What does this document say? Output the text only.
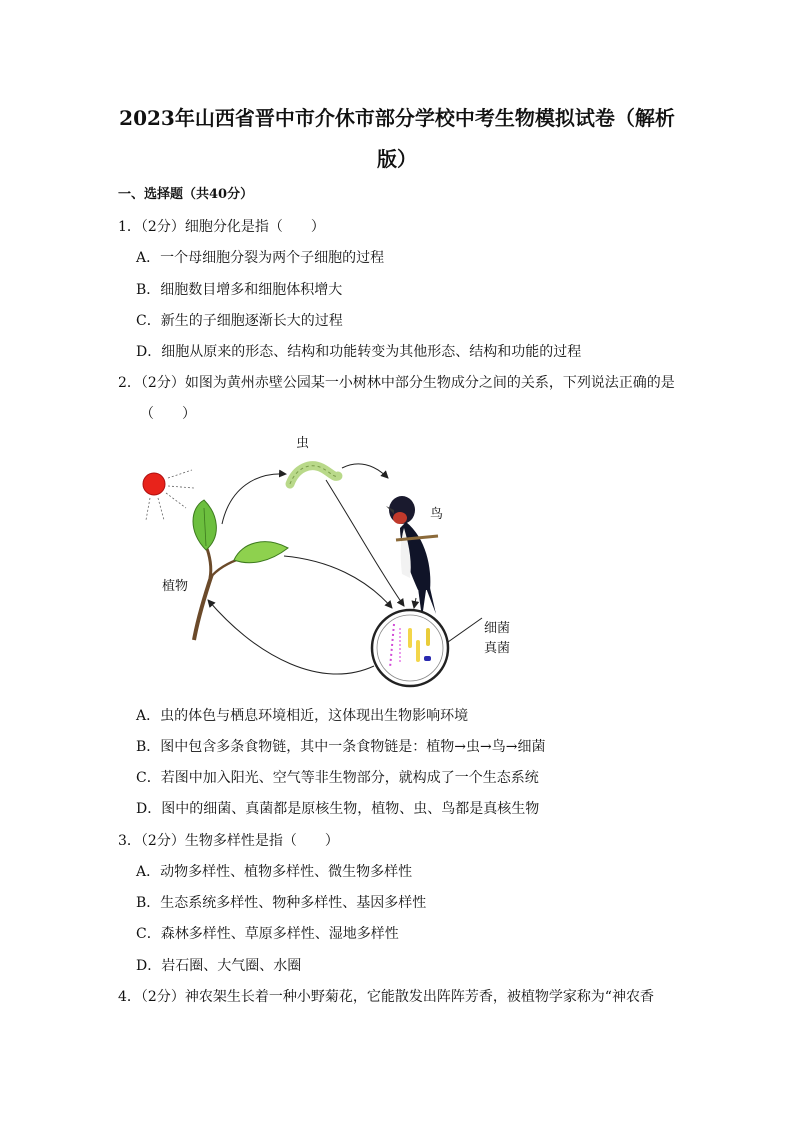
2023年山西省晋中市介休市部分学校中考生物模拟试卷（解析
版）
一、选择题（共40分）
1．（2分）细胞分化是指（　　）
A．一个母细胞分裂为两个子细胞的过程
B．细胞数目增多和细胞体积增大
C．新生的子细胞逐渐长大的过程
D．细胞从原来的形态、结构和功能转变为其他形态、结构和功能的过程
2．（2分）如图为黄州赤壁公园某一小树林中部分生物成分之间的关系，下列说法正确的是
（　　）
虫
鸟
植物
细菌
真菌
A．虫的体色与栖息环境相近，这体现出生物影响环境
B．图中包含多条食物链，其中一条食物链是：植物→虫→鸟→细菌
C．若图中加入阳光、空气等非生物部分，就构成了一个生态系统
D．图中的细菌、真菌都是原核生物，植物、虫、鸟都是真核生物
3．（2分）生物多样性是指（　　）
A．动物多样性、植物多样性、微生物多样性
B．生态系统多样性、物种多样性、基因多样性
C．森林多样性、草原多样性、湿地多样性
D．岩石圈、大气圈、水圈
4．（2分）神农架生长着一种小野菊花，它能散发出阵阵芳香，被植物学家称为“神农香
